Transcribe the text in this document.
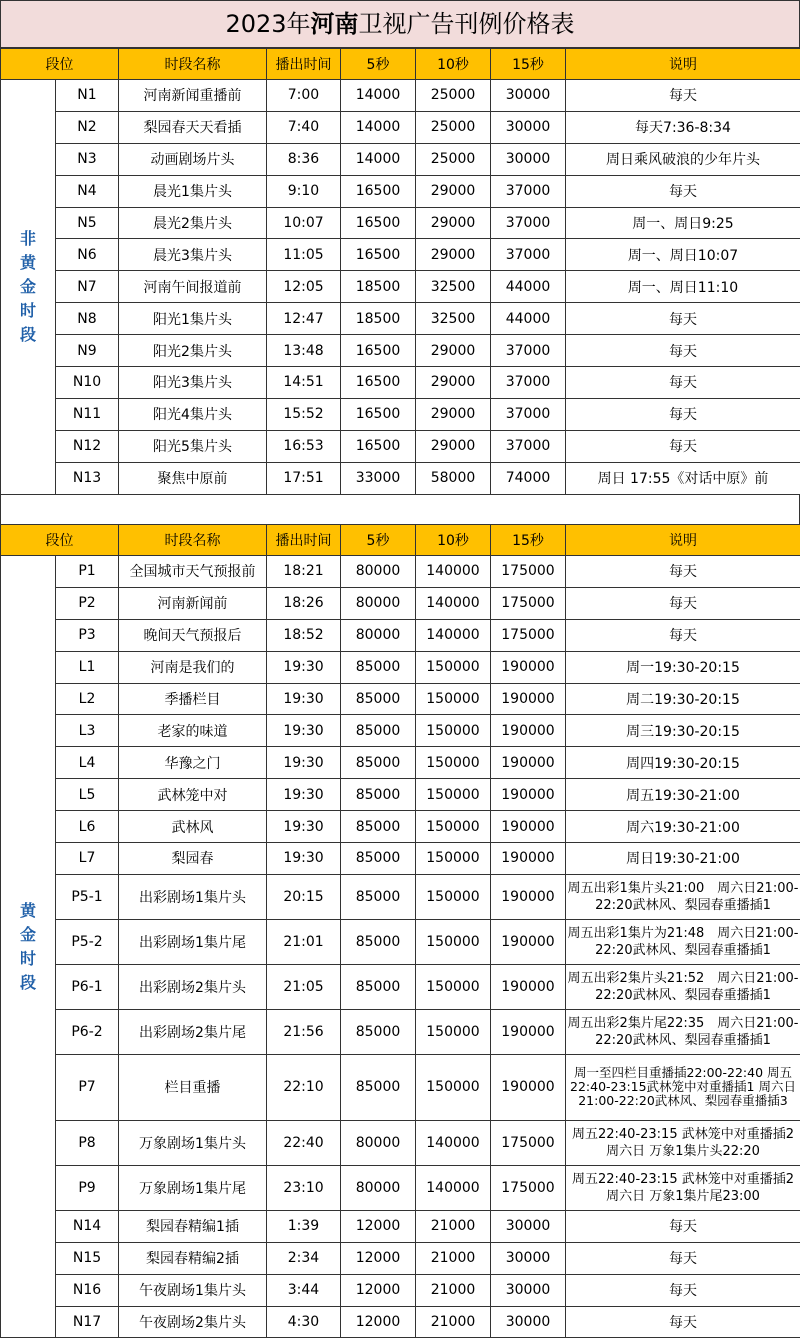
2023年河南卫视广告刊例价格表
段位		时段名称	播出时间	5秒	10秒	15秒	说明
非
黄
金
时
段	N1	河南新闻重播前	7:00	14000	25000	30000	每天
	N2	梨园春天天看插	7:40	14000	25000	30000	每天7:36-8:34
	N3	动画剧场片头	8:36	14000	25000	30000	周日乘风破浪的少年片头
	N4	晨光1集片头	9:10	16500	29000	37000	每天
	N5	晨光2集片头	10:07	16500	29000	37000	周一、周日9:25
	N6	晨光3集片头	11:05	16500	29000	37000	周一、周日10:07
	N7	河南午间报道前	12:05	18500	32500	44000	周一、周日11:10
	N8	阳光1集片头	12:47	18500	32500	44000	每天
	N9	阳光2集片头	13:48	16500	29000	37000	每天
	N10	阳光3集片头	14:51	16500	29000	37000	每天
	N11	阳光4集片头	15:52	16500	29000	37000	每天
	N12	阳光5集片头	16:53	16500	29000	37000	每天
	N13	聚焦中原前	17:51	33000	58000	74000	周日 17:55《对话中原》前
段位		时段名称	播出时间	5秒	10秒	15秒	说明
黄
金
时
段	P1	全国城市天气预报前	18:21	80000	140000	175000	每天
	P2	河南新闻前	18:26	80000	140000	175000	每天
	P3	晚间天气预报后	18:52	80000	140000	175000	每天
	L1	河南是我们的	19:30	85000	150000	190000	周一19:30-20:15
	L2	季播栏目	19:30	85000	150000	190000	周二19:30-20:15
	L3	老家的味道	19:30	85000	150000	190000	周三19:30-20:15
	L4	华豫之门	19:30	85000	150000	190000	周四19:30-20:15
	L5	武林笼中对	19:30	85000	150000	190000	周五19:30-21:00
	L6	武林风	19:30	85000	150000	190000	周六19:30-21:00
	L7	梨园春	19:30	85000	150000	190000	周日19:30-21:00
	P5-1	出彩剧场1集片头	20:15	85000	150000	190000	周五出彩1集片头21:00　周六日21:00-22:20武林风、梨园春重播插1
	P5-2	出彩剧场1集片尾	21:01	85000	150000	190000	周五出彩1集片为21:48　周六日21:00-22:20武林风、梨园春重播插1
	P6-1	出彩剧场2集片头	21:05	85000	150000	190000	周五出彩2集片头21:52　周六日21:00-22:20武林风、梨园春重播插1
	P6-2	出彩剧场2集片尾	21:56	85000	150000	190000	周五出彩2集片尾22:35　周六日21:00-22:20武林风、梨园春重播插1
	P7	栏目重播	22:10	85000	150000	190000	周一至四栏目重播插22:00-22:40 周五22:40-23:15武林笼中对重播插1 周六日21:00-22:20武林风、梨园春重播插3
	P8	万象剧场1集片头	22:40	80000	140000	175000	周五22:40-23:15 武林笼中对重播插2 周六日 万象1集片头22:20
	P9	万象剧场1集片尾	23:10	80000	140000	175000	周五22:40-23:15 武林笼中对重播插2 周六日 万象1集片尾23:00
	N14	梨园春精编1插	1:39	12000	21000	30000	每天
	N15	梨园春精编2插	2:34	12000	21000	30000	每天
	N16	午夜剧场1集片头	3:44	12000	21000	30000	每天
	N17	午夜剧场2集片头	4:30	12000	21000	30000	每天
